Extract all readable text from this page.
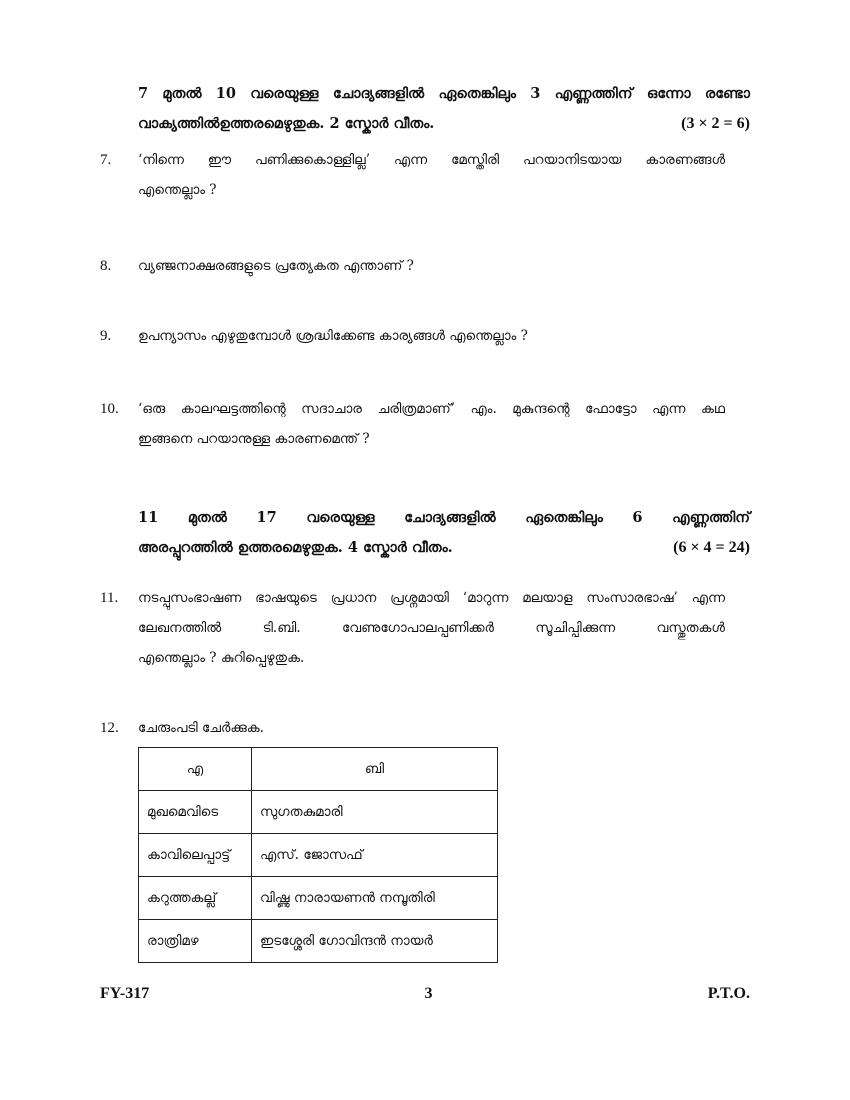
7 മുതൽ 10 വരെയുള്ള ചോദ്യങ്ങളിൽ ഏതെങ്കിലും 3 എണ്ണത്തിന് ഒന്നോ രണ്ടോ
വാക്യത്തിൽഉത്തരമെഴുതുക. 2 സ്കോർ വീതം.	(3 × 2 = 6)
7. ‘നിന്നെ ഈ പണിക്കുകൊള്ളില്ല’ എന്ന മേസ്തിരി പറയാനിടയായ കാരണങ്ങൾ
എന്തെല്ലാം ?
8. വ്യഞ്ജനാക്ഷരങ്ങളുടെ പ്രത്യേകത എന്താണ് ?
9. ഉപന്യാസം എഴുതുമ്പോൾ ശ്രദ്ധിക്കേണ്ട കാര്യങ്ങൾ എന്തെല്ലാം ?
10. ‘ഒരു കാലഘട്ടത്തിന്റെ സദാചാര ചരിത്രമാണ്’ എം. മുകുന്ദന്റെ ഫോട്ടോ എന്ന കഥ
ഇങ്ങനെ പറയാനുള്ള കാരണമെന്ത് ?
11 മുതൽ 17 വരെയുള്ള ചോദ്യങ്ങളിൽ ഏതെങ്കിലും 6 എണ്ണത്തിന്
അരപ്പുറത്തിൽ ഉത്തരമെഴുതുക. 4 സ്കോർ വീതം.	(6 × 4 = 24)
11. നടപ്പുസംഭാഷണ ഭാഷയുടെ പ്രധാന പ്രശ്നമായി ‘മാറുന്ന മലയാള സംസാരഭാഷ’ എന്ന
ലേഖനത്തിൽ ടി.ബി. വേണുഗോപാലപ്പണിക്കർ സൂചിപ്പിക്കുന്ന വസ്തുതകൾ
എന്തെല്ലാം ? കുറിപ്പെഴുതുക.
12. ചേരുംപടി ചേർക്കുക.
എ	ബി
മുഖമെവിടെ	സുഗതകുമാരി
കാവിലെപ്പാട്ട്	എസ്. ജോസഫ്
കറുത്തകല്ല്	വിഷ്ണു നാരായണൻ നമ്പൂതിരി
രാത്രിമഴ	ഇടശ്ശേരി ഗോവിന്ദൻ നായർ
FY-317	3	P.T.O.
